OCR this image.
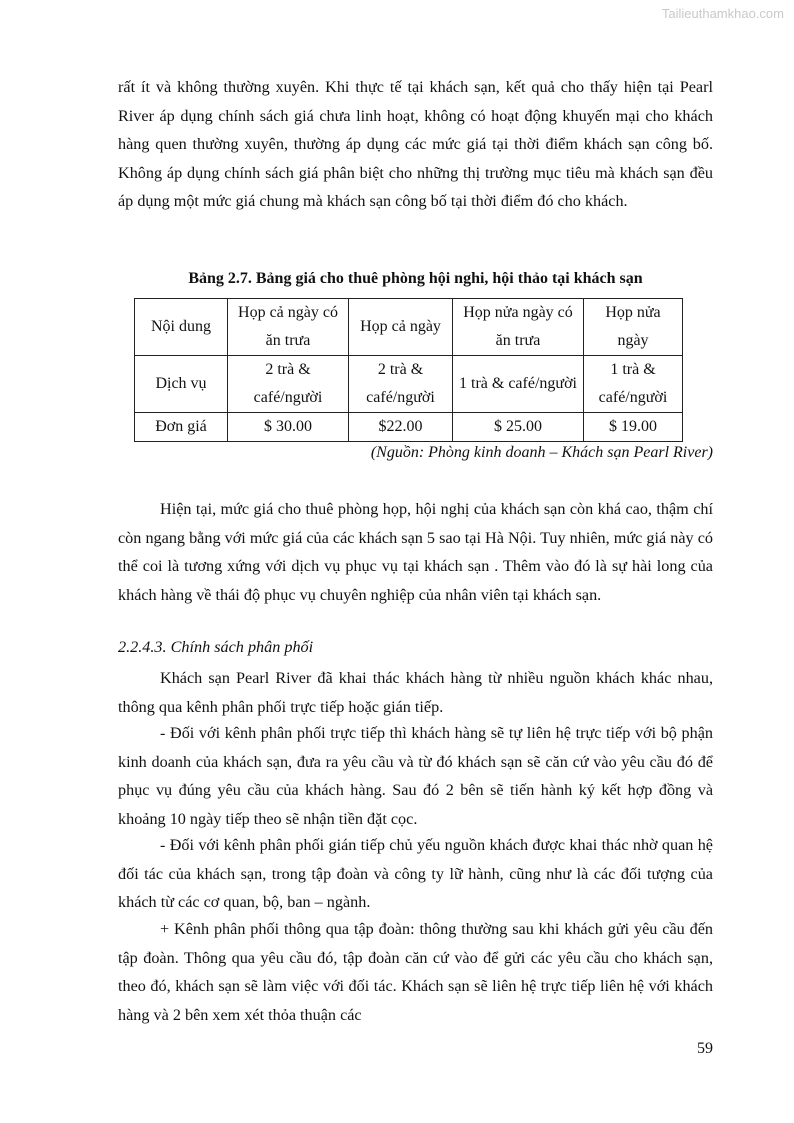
Tailieuthamkhao.com

rất ít và không thường xuyên. Khi thực tế tại khách sạn, kết quả cho thấy hiện tại Pearl River áp dụng chính sách giá chưa linh hoạt, không có hoạt động khuyến mại cho khách hàng quen thường xuyên, thường áp dụng các mức giá tại thời điểm khách sạn công bố. Không áp dụng chính sách giá phân biệt cho những thị trường mục tiêu mà khách sạn đều áp dụng một mức giá chung mà khách sạn công bố tại thời điểm đó cho khách.

Bảng 2.7. Bảng giá cho thuê phòng hội nghi, hội thảo tại khách sạn
Nội dung	Họp cả ngày có ăn trưa	Họp cả ngày	Họp nửa ngày có ăn trưa	Họp nửa ngày
Dịch vụ	2 trà & café/người	2 trà & café/người	1 trà & café/người	1 trà & café/người
Đơn giá	$ 30.00	$22.00	$ 25.00	$ 19.00
(Nguồn: Phòng kinh doanh – Khách sạn Pearl River)

Hiện tại, mức giá cho thuê phòng họp, hội nghị của khách sạn còn khá cao, thậm chí còn ngang bằng với mức giá của các khách sạn 5 sao tại Hà Nội. Tuy nhiên, mức giá này có thể coi là tương xứng với dịch vụ phục vụ tại khách sạn . Thêm vào đó là sự hài long của khách hàng về thái độ phục vụ chuyên nghiệp của nhân viên tại khách sạn.

2.2.4.3. Chính sách phân phối

Khách sạn Pearl River đã khai thác khách hàng từ nhiều nguồn khách khác nhau, thông qua kênh phân phối trực tiếp hoặc gián tiếp.

- Đối với kênh phân phối trực tiếp thì khách hàng sẽ tự liên hệ trực tiếp với bộ phận kinh doanh của khách sạn, đưa ra yêu cầu và từ đó khách sạn sẽ căn cứ vào yêu cầu đó để phục vụ đúng yêu cầu của khách hàng. Sau đó 2 bên sẽ tiến hành ký kết hợp đồng và khoảng 10 ngày tiếp theo sẽ nhận tiền đặt cọc.

- Đối với kênh phân phối gián tiếp chủ yếu nguồn khách được khai thác nhờ quan hệ đối tác của khách sạn, trong tập đoàn và công ty lữ hành, cũng như là các đối tượng của khách từ các cơ quan, bộ, ban – ngành.

+ Kênh phân phối thông qua tập đoàn: thông thường sau khi khách gửi yêu cầu đến tập đoàn. Thông qua yêu cầu đó, tập đoàn căn cứ vào để gửi các yêu cầu cho khách sạn, theo đó, khách sạn sẽ làm việc với đối tác. Khách sạn sẽ liên hệ trực tiếp liên hệ với khách hàng và 2 bên xem xét thỏa thuận các

59
